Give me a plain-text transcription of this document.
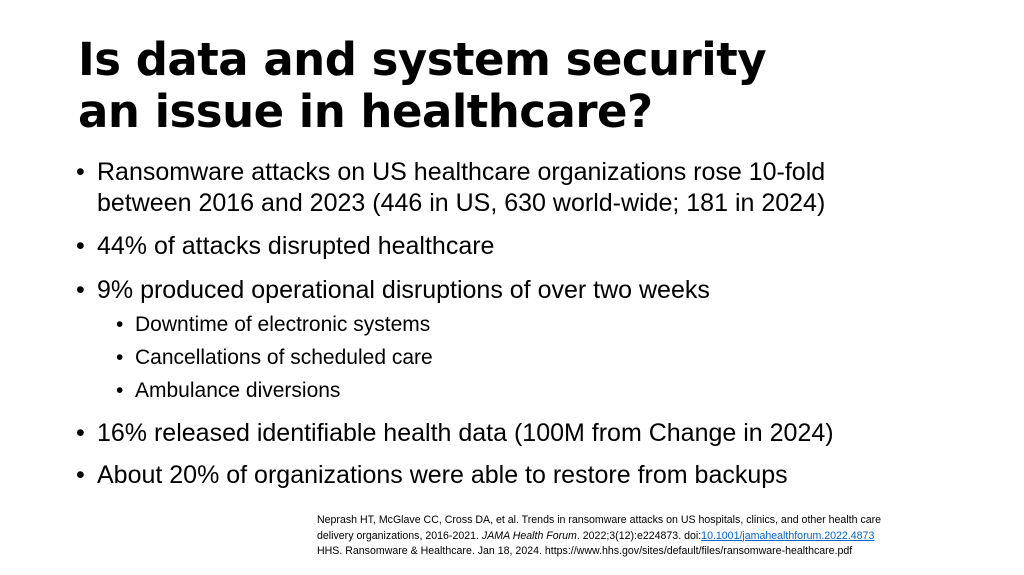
Is data and system security
an issue in healthcare?
• Ransomware attacks on US healthcare organizations rose 10-fold
between 2016 and 2023 (446 in US, 630 world-wide; 181 in 2024)
• 44% of attacks disrupted healthcare
• 9% produced operational disruptions of over two weeks
• Downtime of electronic systems
• Cancellations of scheduled care
• Ambulance diversions
• 16% released identifiable health data (100M from Change in 2024)
• About 20% of organizations were able to restore from backups
Neprash HT, McGlave CC, Cross DA, et al. Trends in ransomware attacks on US hospitals, clinics, and other health care
delivery organizations, 2016-2021. JAMA Health Forum. 2022;3(12):e224873. doi:10.1001/jamahealthforum.2022.4873
HHS. Ransomware & Healthcare. Jan 18, 2024. https://www.hhs.gov/sites/default/files/ransomware-healthcare.pdf
